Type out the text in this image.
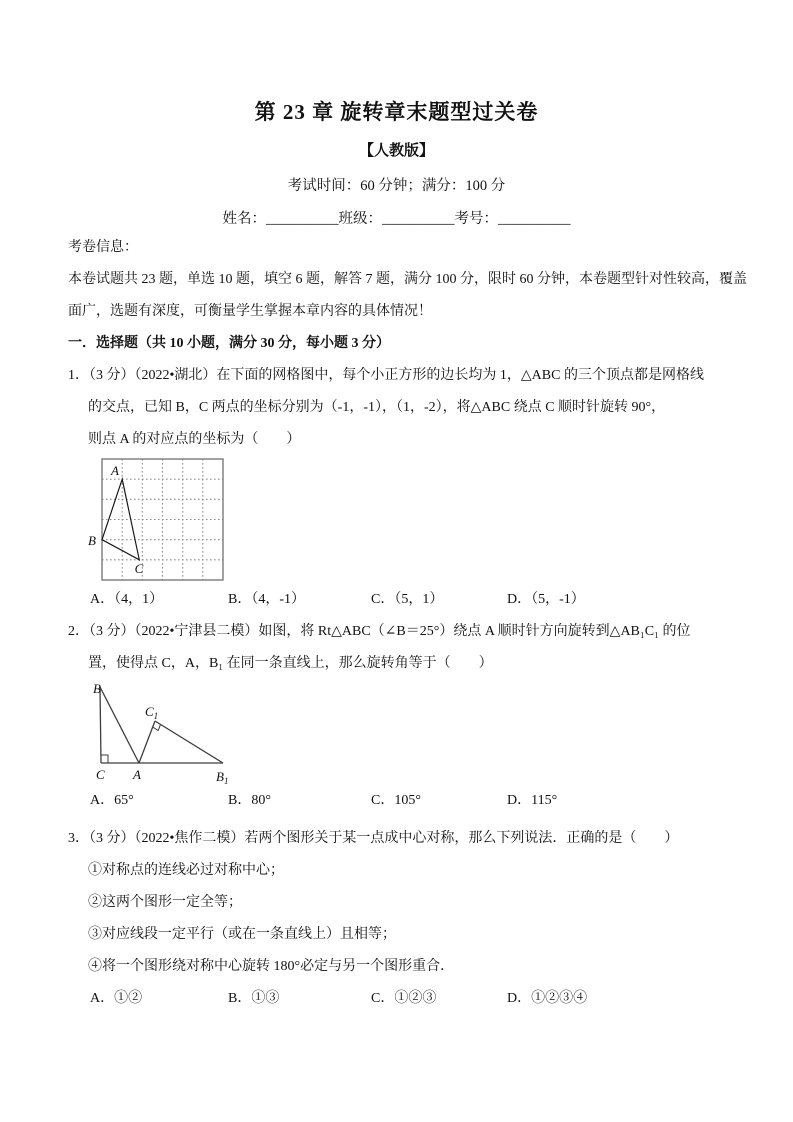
第 23 章 旋转章末题型过关卷
【人教版】
考试时间：60 分钟；满分：100 分
姓名：__________班级：__________考号：__________
考卷信息：
本卷试题共 23 题，单选 10 题，填空 6 题，解答 7 题，满分 100 分，限时 60 分钟，本卷题型针对性较高，覆盖
面广，选题有深度，可衡量学生掌握本章内容的具体情况！
一．选择题（共 10 小题，满分 30 分，每小题 3 分）
1．（3 分）（2022•湖北）在下面的网格图中，每个小正方形的边长均为 1，△ABC 的三个顶点都是网格线
的交点，已知 B，C 两点的坐标分别为（-1，-1），（1，-2），将△ABC 绕点 C 顺时针旋转 90°，
则点 A 的对应点的坐标为（　　）
A
B
C
A．（4，1）	B．（4，-1）	C．（5，1）	D．（5，-1）
2．（3 分）（2022•宁津县二模）如图，将 Rt△ABC（∠B＝25°）绕点 A 顺时针方向旋转到△AB₁C₁ 的位
置，使得点 C，A，B₁ 在同一条直线上，那么旋转角等于（　　）
B
C A
$C_1$
$B_1$
A．65°	B．80°	C．105°	D．115°
3．（3 分）（2022•焦作二模）若两个图形关于某一点成中心对称，那么下列说法．正确的是（　　）
①对称点的连线必过对称中心；
②这两个图形一定全等；
③对应线段一定平行（或在一条直线上）且相等；
④将一个图形绕对称中心旋转 180°必定与另一个图形重合．
A．①②	B．①③	C．①②③	D．①②③④
